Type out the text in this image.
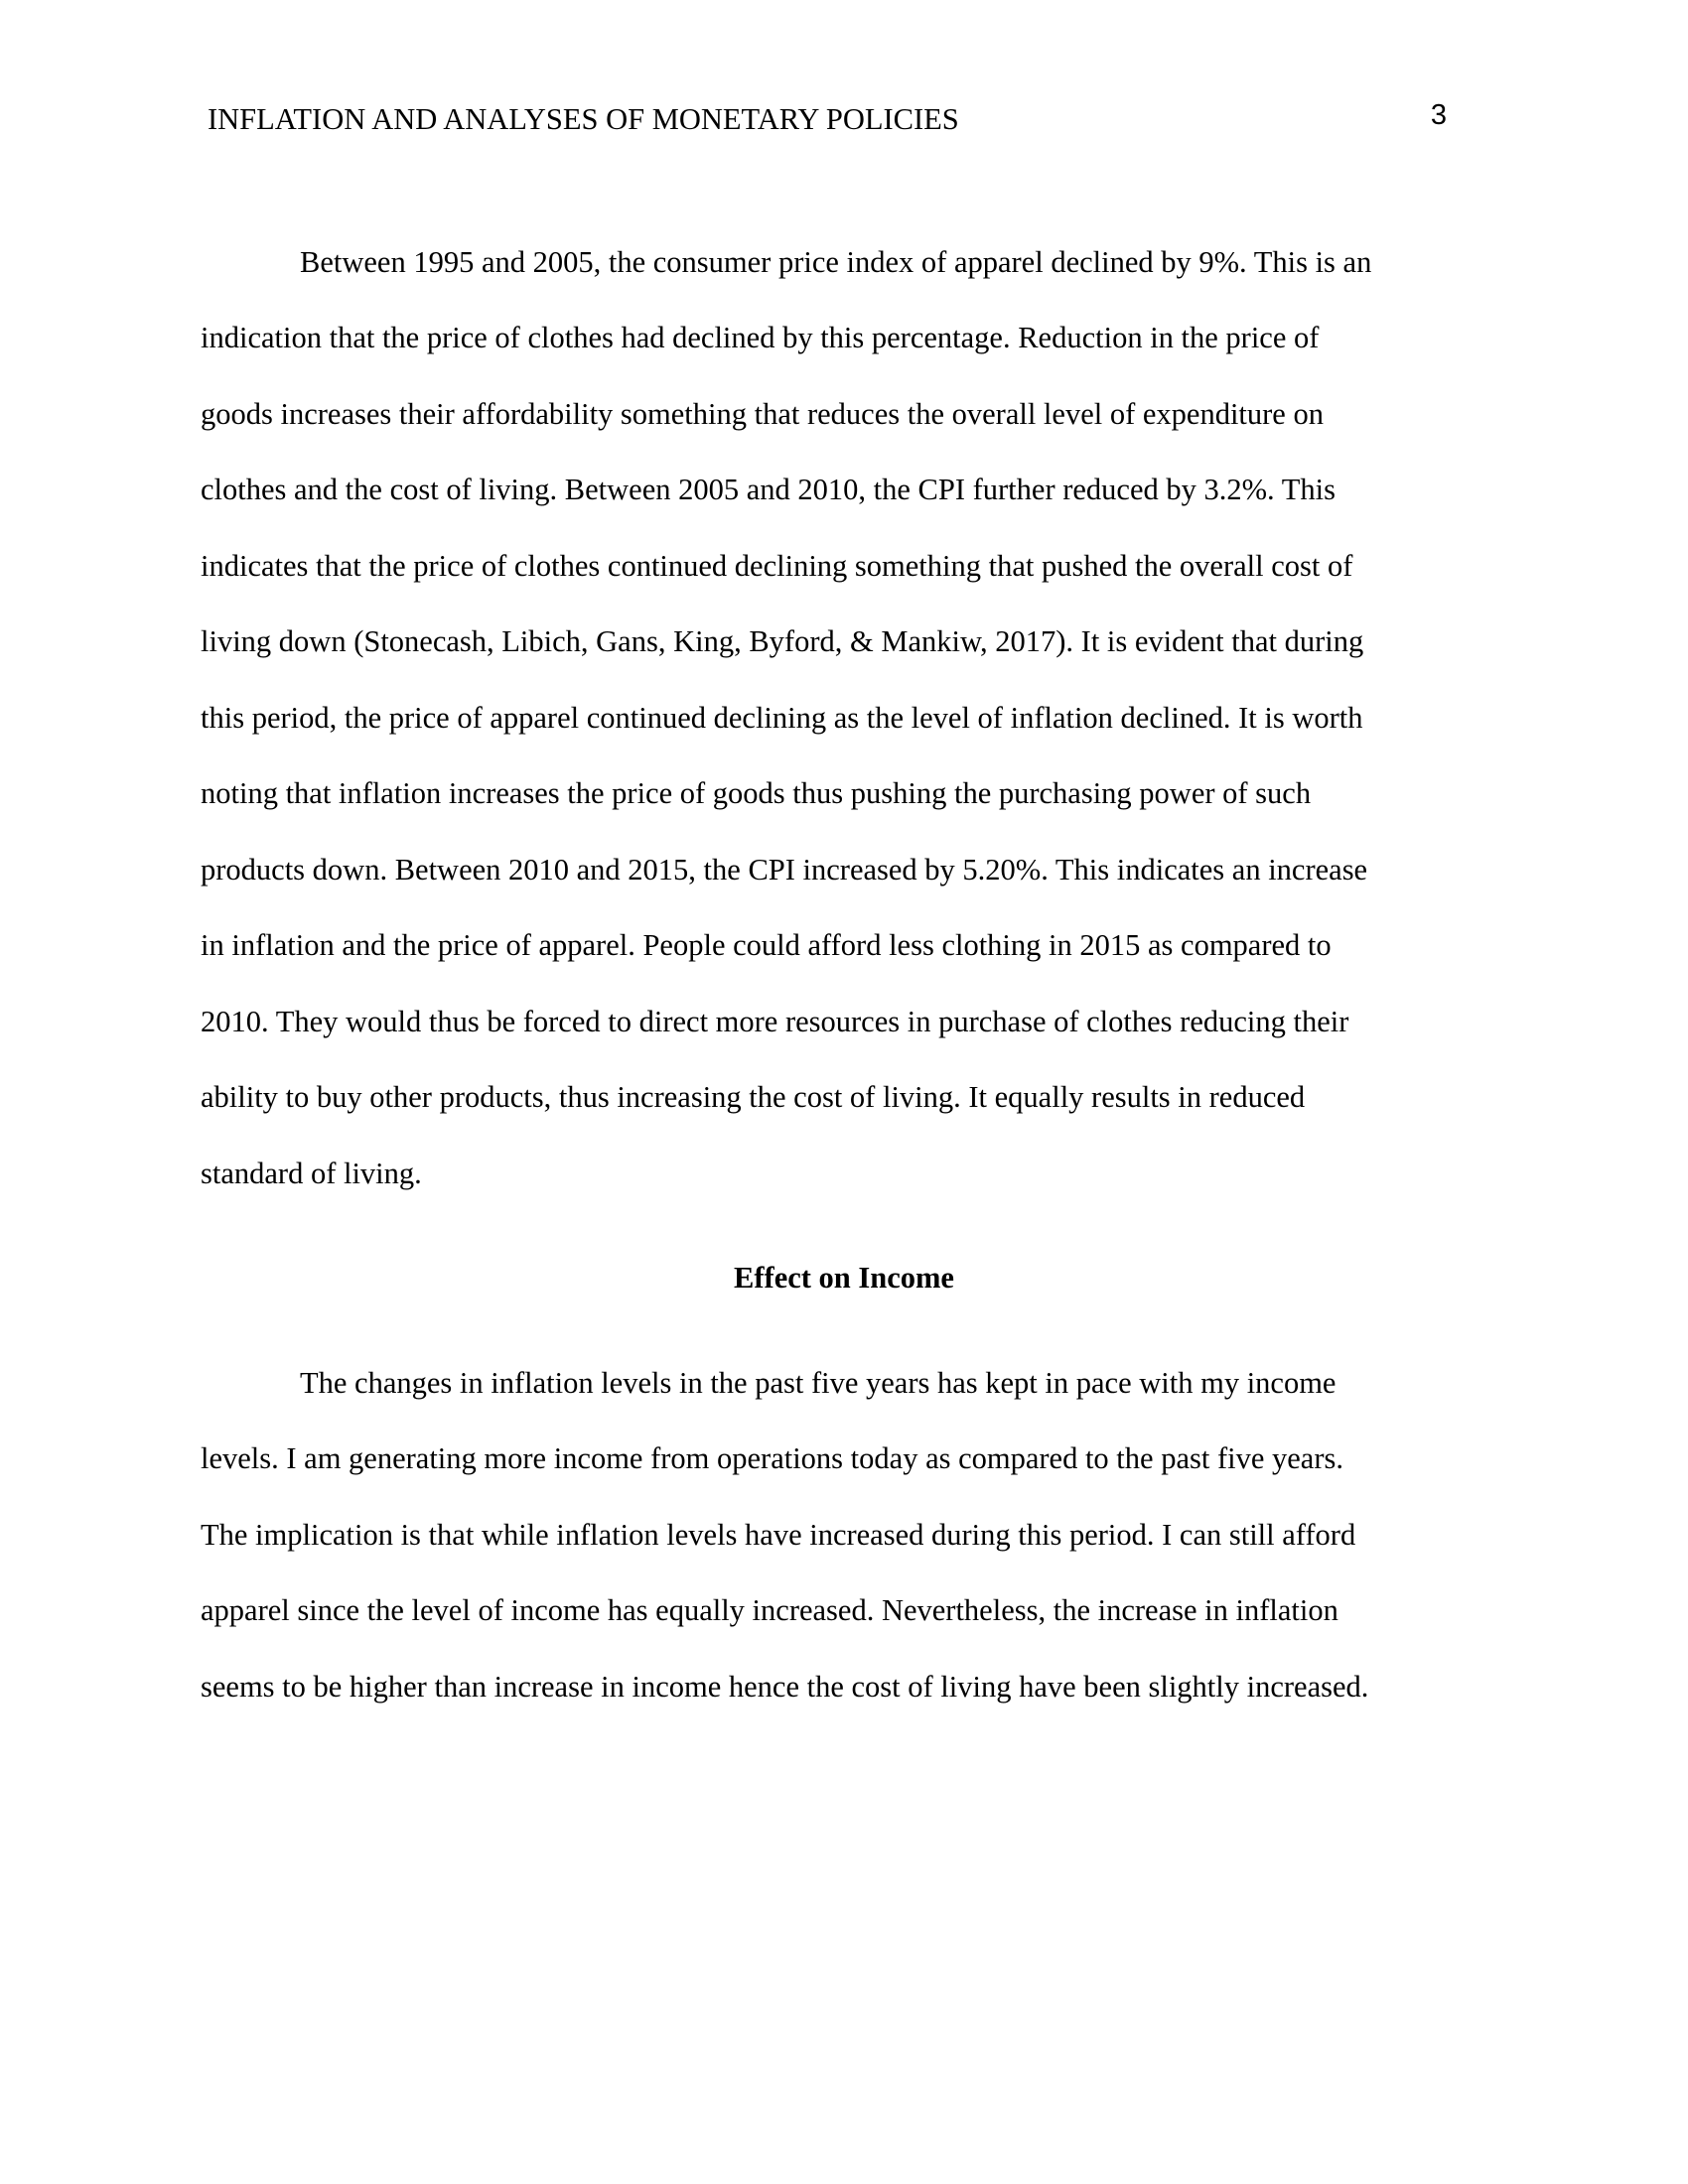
INFLATION AND ANALYSES OF MONETARY POLICIES	3
Between 1995 and 2005, the consumer price index of apparel declined by 9%. This is an
indication that the price of clothes had declined by this percentage. Reduction in the price of
goods increases their affordability something that reduces the overall level of expenditure on
clothes and the cost of living. Between 2005 and 2010, the CPI further reduced by 3.2%. This
indicates that the price of clothes continued declining something that pushed the overall cost of
living down (Stonecash, Libich, Gans, King, Byford, & Mankiw, 2017). It is evident that during
this period, the price of apparel continued declining as the level of inflation declined. It is worth
noting that inflation increases the price of goods thus pushing the purchasing power of such
products down. Between 2010 and 2015, the CPI increased by 5.20%. This indicates an increase
in inflation and the price of apparel. People could afford less clothing in 2015 as compared to
2010. They would thus be forced to direct more resources in purchase of clothes reducing their
ability to buy other products, thus increasing the cost of living. It equally results in reduced
standard of living.
Effect on Income
The changes in inflation levels in the past five years has kept in pace with my income
levels. I am generating more income from operations today as compared to the past five years.
The implication is that while inflation levels have increased during this period. I can still afford
apparel since the level of income has equally increased. Nevertheless, the increase in inflation
seems to be higher than increase in income hence the cost of living have been slightly increased.
